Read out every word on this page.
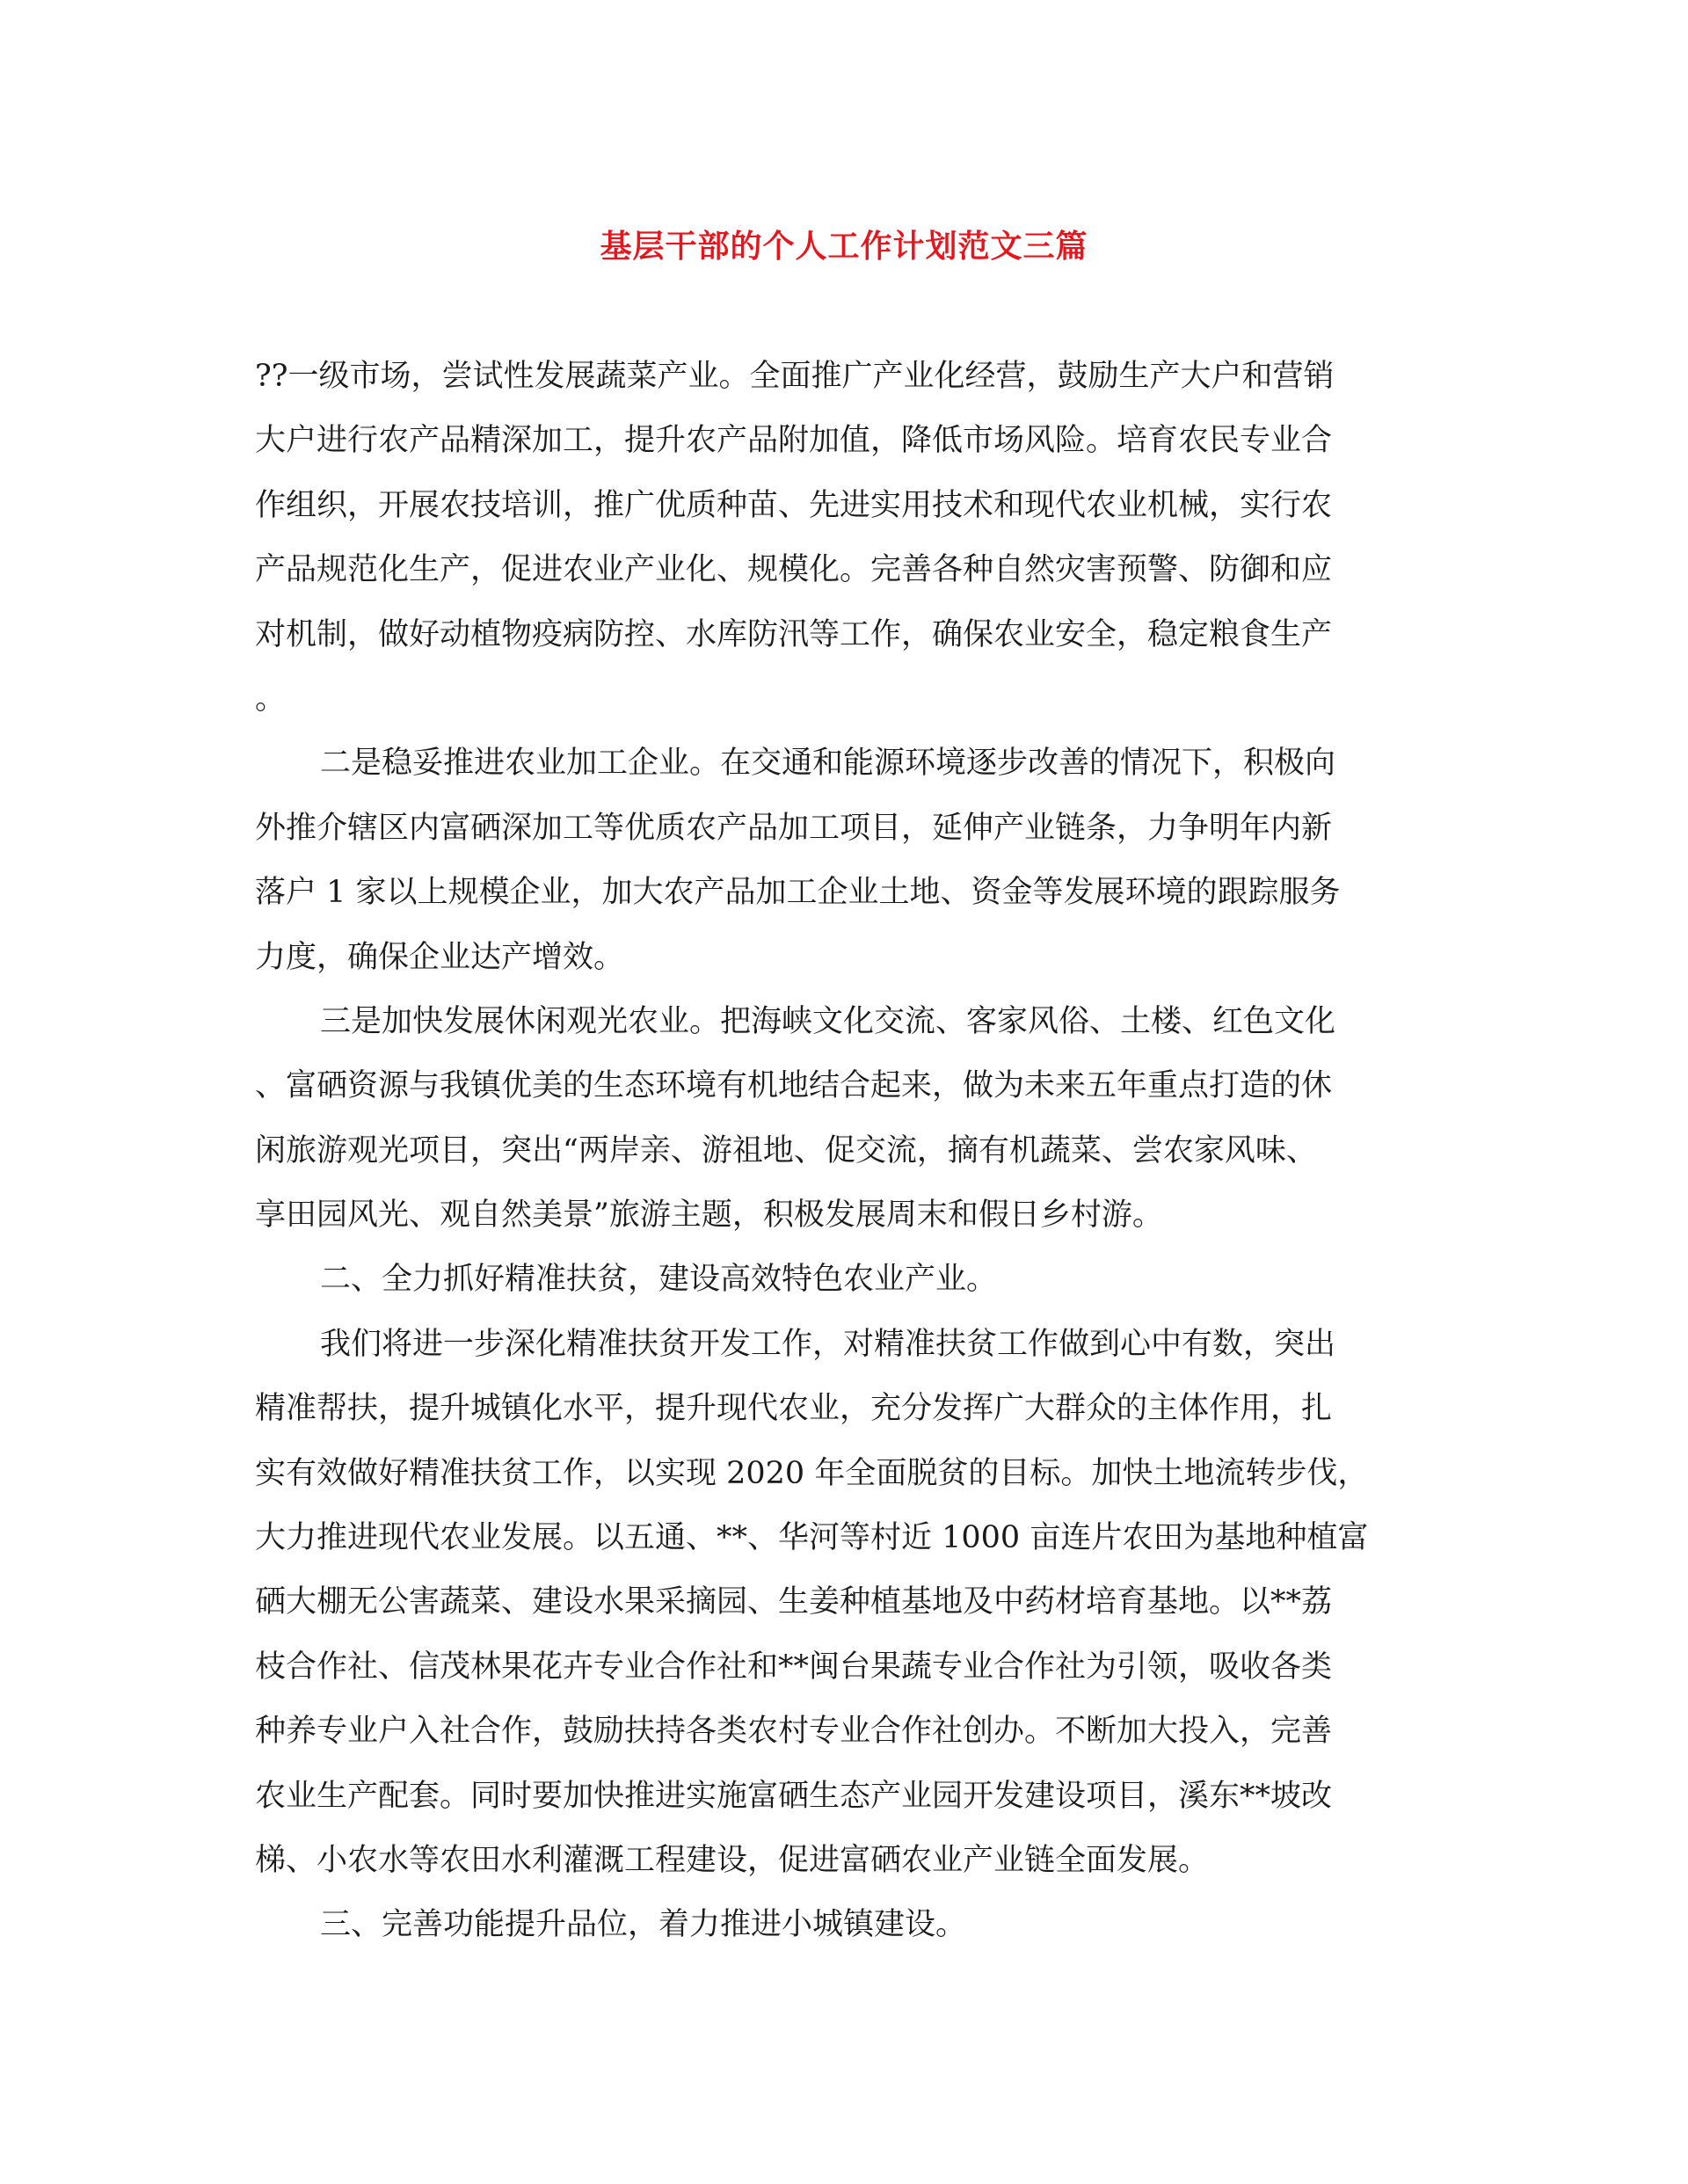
基层干部的个人工作计划范文三篇
??一级市场，尝试性发展蔬菜产业。全面推广产业化经营，鼓励生产大户和营销
大户进行农产品精深加工，提升农产品附加值，降低市场风险。培育农民专业合
作组织，开展农技培训，推广优质种苗、先进实用技术和现代农业机械，实行农
产品规范化生产，促进农业产业化、规模化。完善各种自然灾害预警、防御和应
对机制，做好动植物疫病防控、水库防汛等工作，确保农业安全，稳定粮食生产
。
二是稳妥推进农业加工企业。在交通和能源环境逐步改善的情况下，积极向
外推介辖区内富硒深加工等优质农产品加工项目，延伸产业链条，力争明年内新
落户 1 家以上规模企业，加大农产品加工企业土地、资金等发展环境的跟踪服务
力度，确保企业达产增效。
三是加快发展休闲观光农业。把海峡文化交流、客家风俗、土楼、红色文化
、富硒资源与我镇优美的生态环境有机地结合起来，做为未来五年重点打造的休
闲旅游观光项目，突出“两岸亲、游祖地、促交流，摘有机蔬菜、尝农家风味、
享田园风光、观自然美景”旅游主题，积极发展周末和假日乡村游。
二、全力抓好精准扶贫，建设高效特色农业产业。
我们将进一步深化精准扶贫开发工作，对精准扶贫工作做到心中有数，突出
精准帮扶，提升城镇化水平，提升现代农业，充分发挥广大群众的主体作用，扎
实有效做好精准扶贫工作，以实现 2020 年全面脱贫的目标。加快土地流转步伐，
大力推进现代农业发展。以五通、**、华河等村近 1000 亩连片农田为基地种植富
硒大棚无公害蔬菜、建设水果采摘园、生姜种植基地及中药材培育基地。以**荔
枝合作社、信茂林果花卉专业合作社和**闽台果蔬专业合作社为引领，吸收各类
种养专业户入社合作，鼓励扶持各类农村专业合作社创办。不断加大投入，完善
农业生产配套。同时要加快推进实施富硒生态产业园开发建设项目，溪东**坡改
梯、小农水等农田水利灌溉工程建设，促进富硒农业产业链全面发展。
三、完善功能提升品位，着力推进小城镇建设。
